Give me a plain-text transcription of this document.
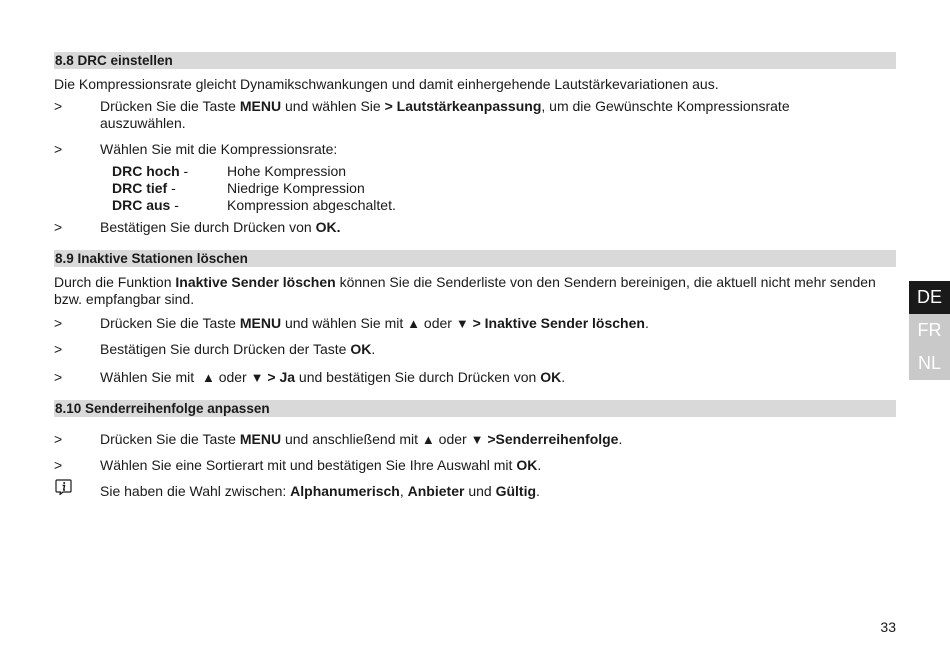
8.8 DRC einstellen
Die Kompressionsrate gleicht Dynamikschwankungen und damit einhergehende Lautstärkevariationen aus.
>	Drücken Sie die Taste MENU und wählen Sie > Lautstärkeanpassung, um die Gewünschte Kompressionsrate auszuwählen.
>	Wählen Sie mit die Kompressionsrate:
DRC hoch -	Hohe Kompression
DRC tief -	Niedrige Kompression
DRC aus -	Kompression abgeschaltet.
>	Bestätigen Sie durch Drücken von OK.
8.9 Inaktive Stationen löschen
Durch die Funktion Inaktive Sender löschen können Sie die Senderliste von den Sendern bereinigen, die aktuell nicht mehr senden bzw. empfangbar sind.
>	Drücken Sie die Taste MENU und wählen Sie mit ▲ oder ▼ > Inaktive Sender löschen.
>	Bestätigen Sie durch Drücken der Taste OK.
>	Wählen Sie mit  ▲ oder ▼ > Ja und bestätigen Sie durch Drücken von OK.
8.10 Senderreihenfolge anpassen
>	Drücken Sie die Taste MENU und anschließend mit ▲ oder ▼ >Senderreihenfolge.
>	Wählen Sie eine Sortierart mit und bestätigen Sie Ihre Auswahl mit OK.
Sie haben die Wahl zwischen: Alphanumerisch, Anbieter und Gültig.
DE
FR
NL
33
